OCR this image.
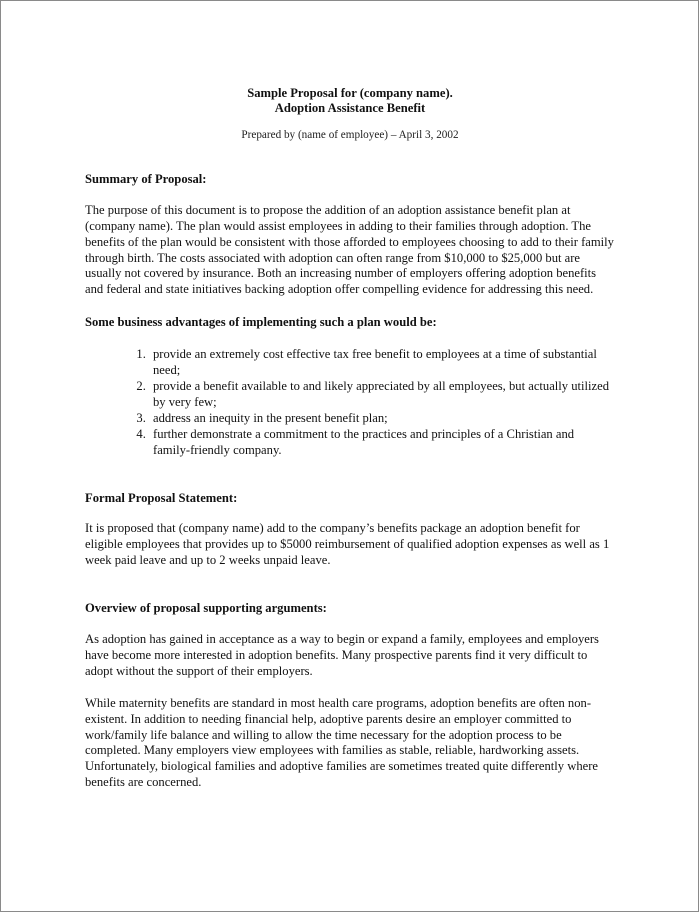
Sample Proposal for (company name).
Adoption Assistance Benefit
Prepared by (name of employee) – April 3, 2002
Summary of Proposal:

The purpose of this document is to propose the addition of an adoption assistance benefit plan at (company name). The plan would assist employees in adding to their families through adoption. The benefits of the plan would be consistent with those afforded to employees choosing to add to their family through birth. The costs associated with adoption can often range from $10,000 to $25,000 but are usually not covered by insurance. Both an increasing number of employers offering adoption benefits and federal and state initiatives backing adoption offer compelling evidence for addressing this need.

Some business advantages of implementing such a plan would be:
1. provide an extremely cost effective tax free benefit to employees at a time of substantial need;
2. provide a benefit available to and likely appreciated by all employees, but actually utilized by very few;
3. address an inequity in the present benefit plan;
4. further demonstrate a commitment to the practices and principles of a Christian and family-friendly company.
Formal Proposal Statement:

It is proposed that (company name) add to the company’s benefits package an adoption benefit for eligible employees that provides up to $5000 reimbursement of qualified adoption expenses as well as 1 week paid leave and up to 2 weeks unpaid leave.

Overview of proposal supporting arguments:

As adoption has gained in acceptance as a way to begin or expand a family, employees and employers have become more interested in adoption benefits. Many prospective parents find it very difficult to adopt without the support of their employers.

While maternity benefits are standard in most health care programs, adoption benefits are often non-existent. In addition to needing financial help, adoptive parents desire an employer committed to work/family life balance and willing to allow the time necessary for the adoption process to be completed. Many employers view employees with families as stable, reliable, hardworking assets. Unfortunately, biological families and adoptive families are sometimes treated quite differently where benefits are concerned.
